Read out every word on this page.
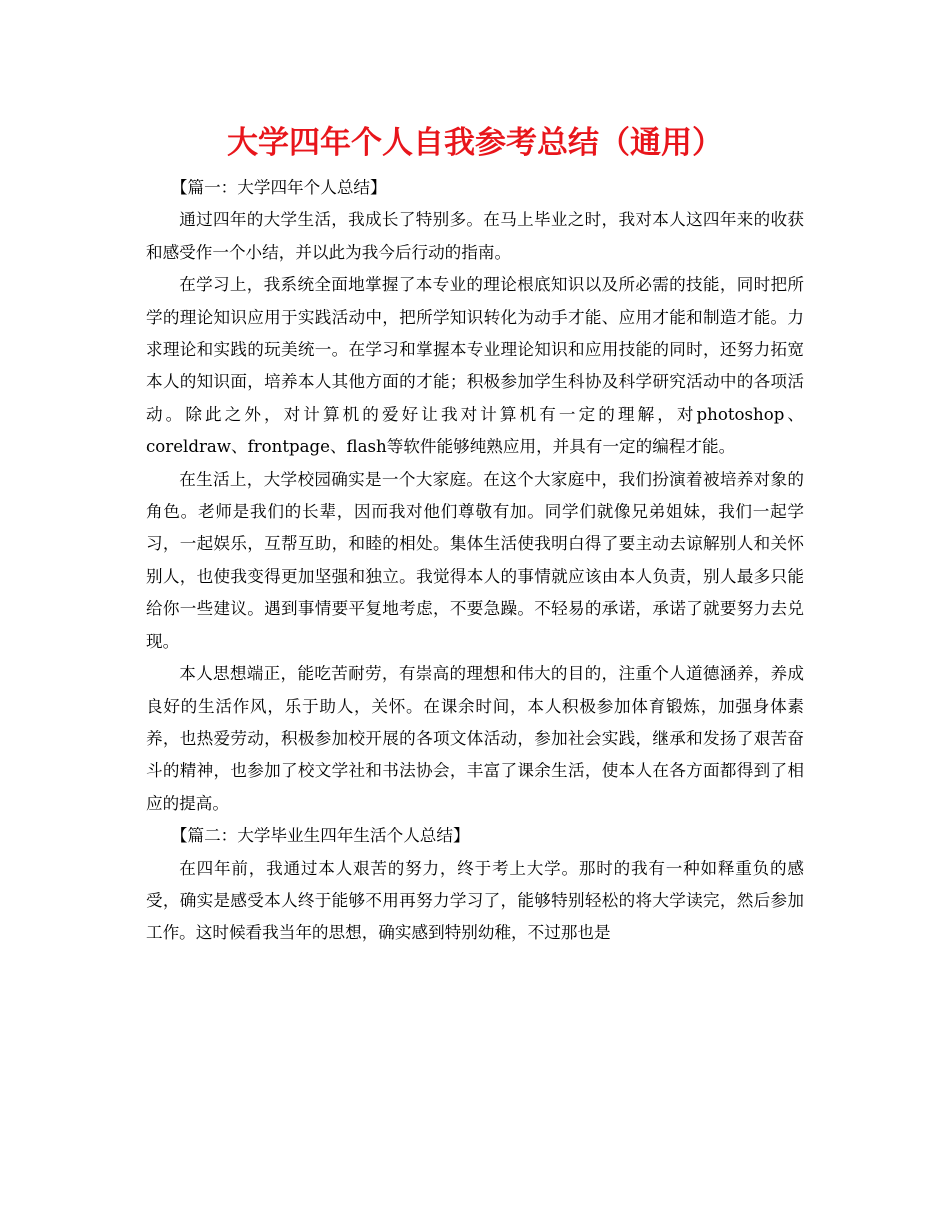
大学四年个人自我参考总结（通用）

【篇一：大学四年个人总结】

通过四年的大学生活，我成长了特别多。在马上毕业之时，我对本人这四年来的收获和感受作一个小结，并以此为我今后行动的指南。

在学习上，我系统全面地掌握了本专业的理论根底知识以及所必需的技能，同时把所学的理论知识应用于实践活动中，把所学知识转化为动手才能、应用才能和制造才能。力求理论和实践的玩美统一。在学习和掌握本专业理论知识和应用技能的同时，还努力拓宽本人的知识面，培养本人其他方面的才能；积极参加学生科协及科学研究活动中的各项活动。除此之外，对计算机的爱好让我对计算机有一定的理解，对photoshop、coreldraw、frontpage、flash等软件能够纯熟应用，并具有一定的编程才能。

在生活上，大学校园确实是一个大家庭。在这个大家庭中，我们扮演着被培养对象的角色。老师是我们的长辈，因而我对他们尊敬有加。同学们就像兄弟姐妹，我们一起学习，一起娱乐，互帮互助，和睦的相处。集体生活使我明白得了要主动去谅解别人和关怀别人，也使我变得更加坚强和独立。我觉得本人的事情就应该由本人负责，别人最多只能给你一些建议。遇到事情要平复地考虑，不要急躁。不轻易的承诺，承诺了就要努力去兑现。

本人思想端正，能吃苦耐劳，有崇高的理想和伟大的目的，注重个人道德涵养，养成良好的生活作风，乐于助人，关怀。在课余时间，本人积极参加体育锻炼，加强身体素养，也热爱劳动，积极参加校开展的各项文体活动，参加社会实践，继承和发扬了艰苦奋斗的精神，也参加了校文学社和书法协会，丰富了课余生活，使本人在各方面都得到了相应的提高。

【篇二：大学毕业生四年生活个人总结】

在四年前，我通过本人艰苦的努力，终于考上大学。那时的我有一种如释重负的感受，确实是感受本人终于能够不用再努力学习了，能够特别轻松的将大学读完，然后参加工作。这时候看我当年的思想，确实感到特别幼稚，不过那也是
